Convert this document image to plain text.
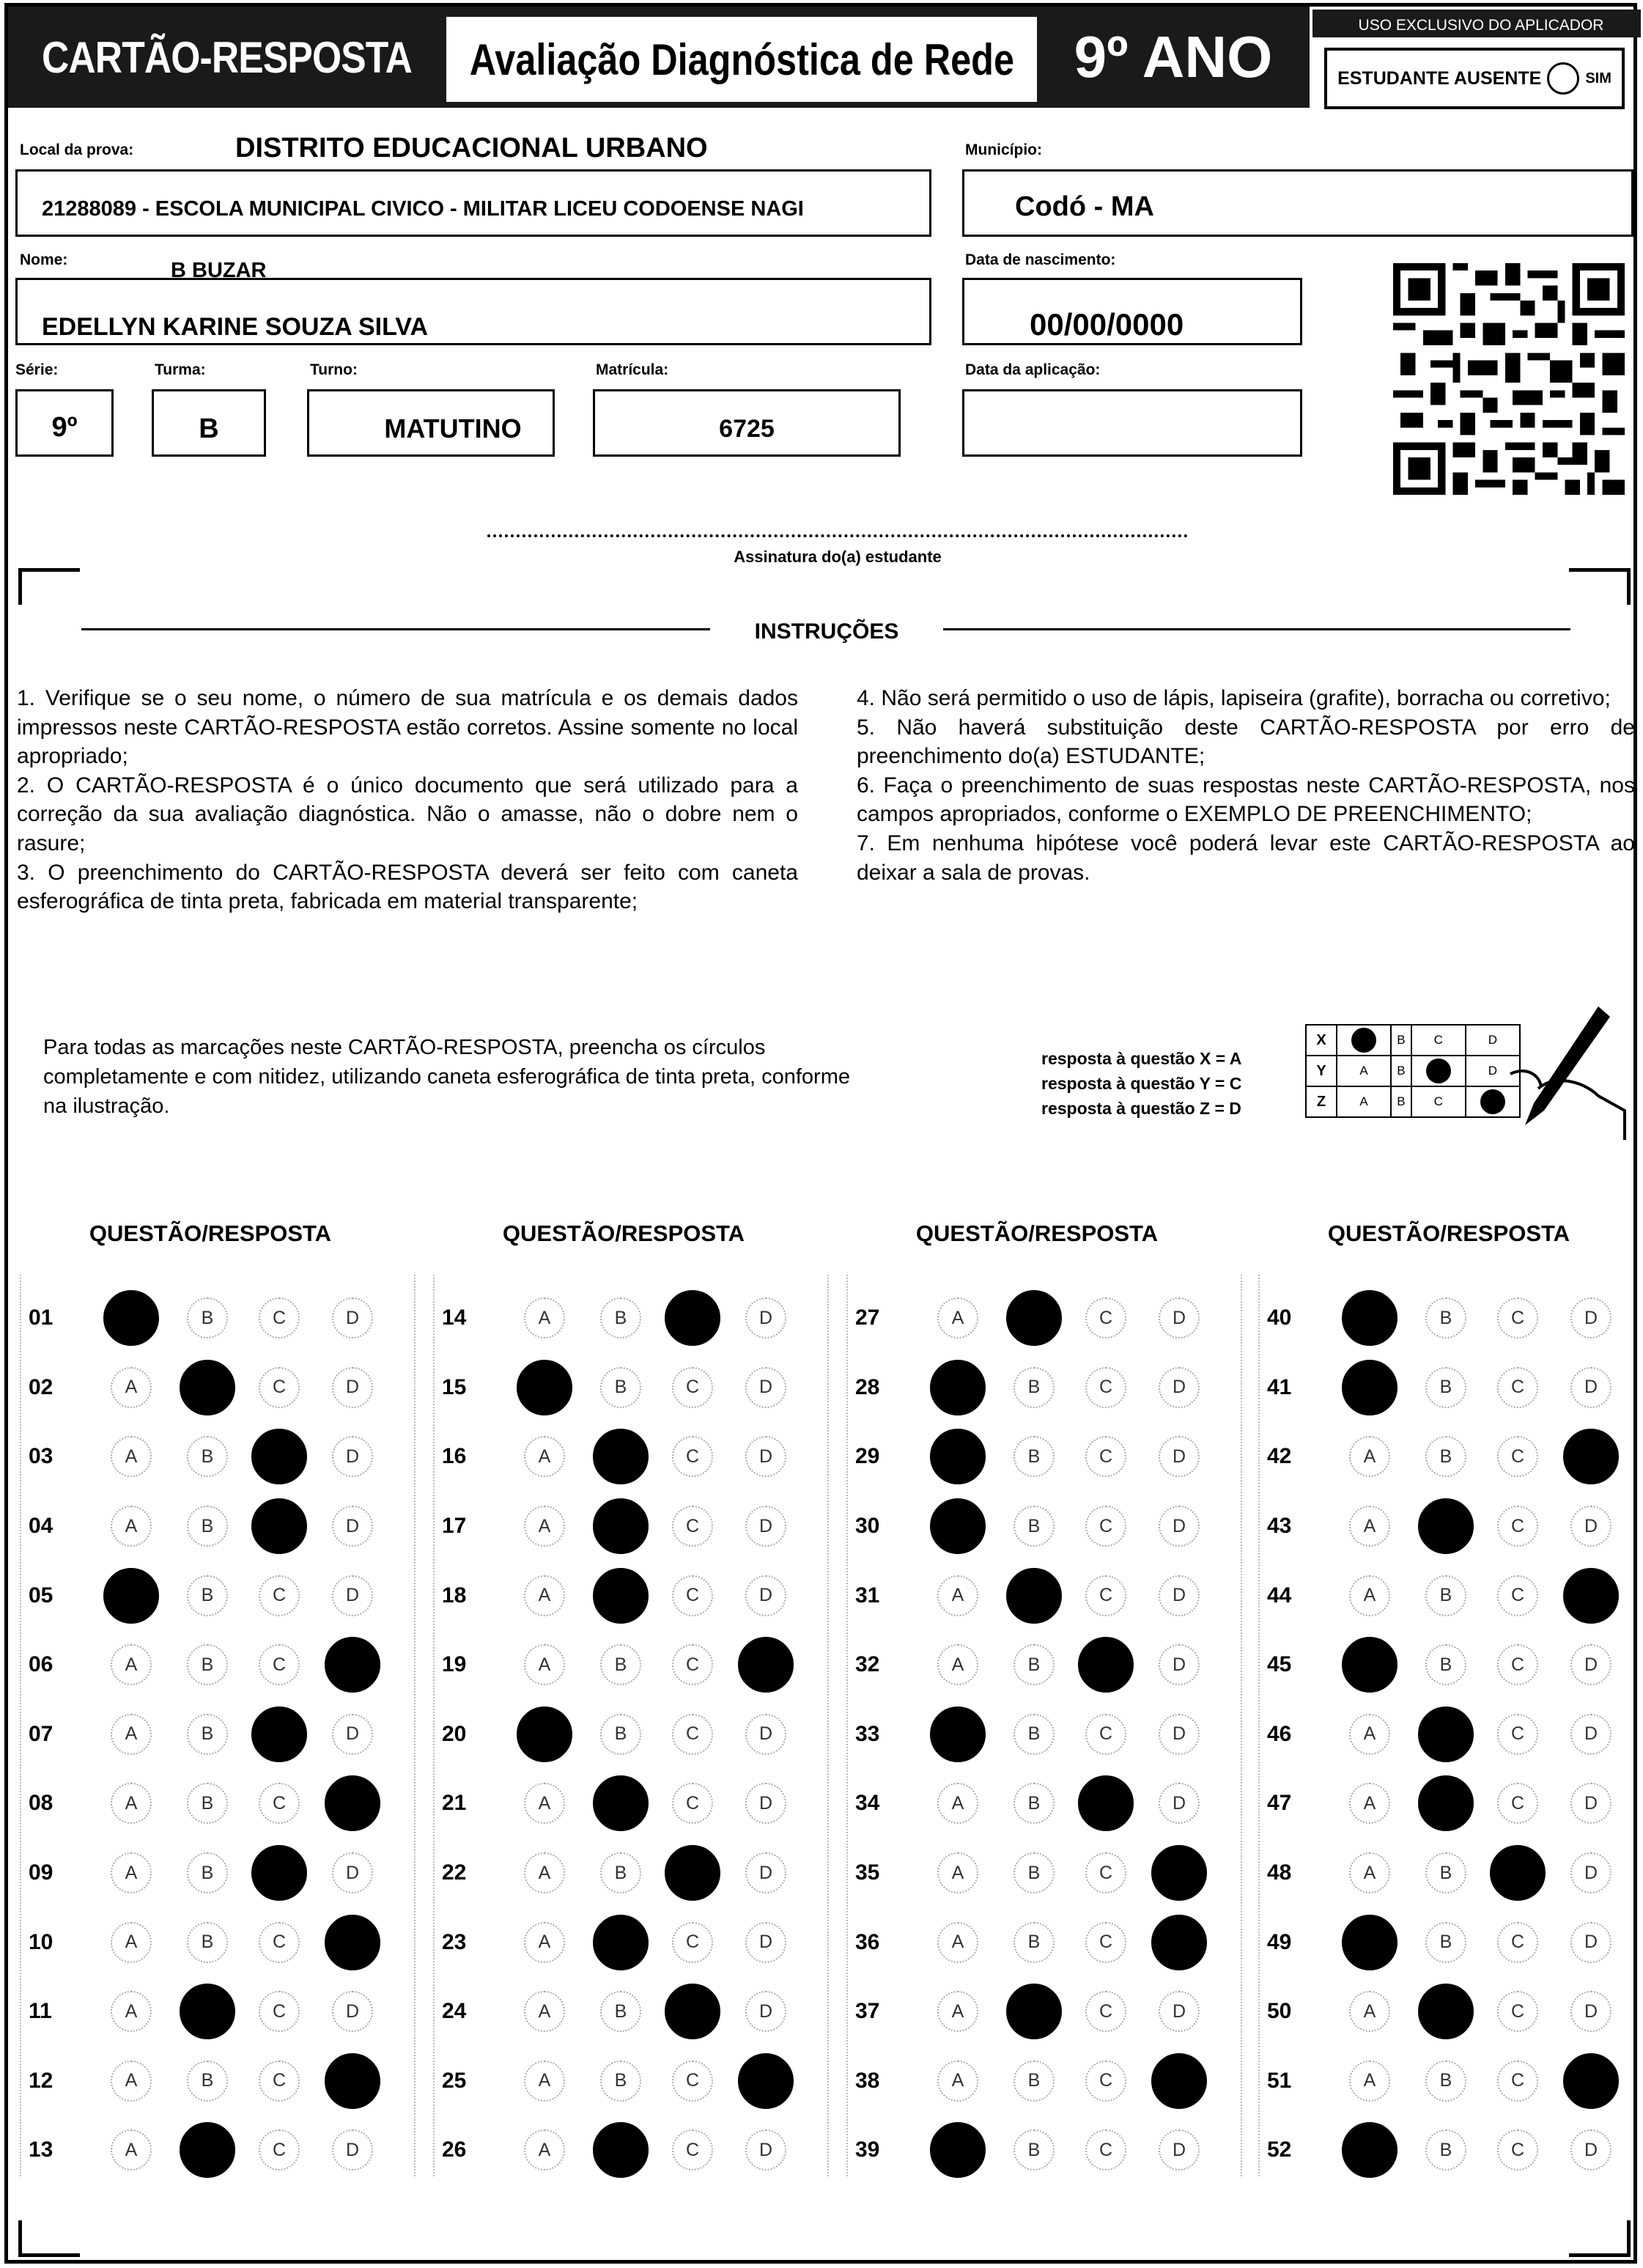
CARTÃO-RESPOSTA Avaliação Diagnóstica de Rede	9º ANO	USO EXCLUSIVO DO APLICADOR
ESTUDANTE AUSENTE	SIM
Local da prova:	DISTRITO EDUCACIONAL URBANO
21288089 - ESCOLA MUNICIPAL CIVICO - MILITAR LICEU CODOENSE NAGI
Município:
Codó - MA
Nome:	B BUZAR
EDELLYN KARINE SOUZA SILVA
Data de nascimento:
00/00/0000
Série:
9º
Turma:
B
Turno:
MATUTINO
Matrícula:
6725
Data da aplicação:
Assinatura do(a) estudante
INSTRUÇÕES

1. Verifique se o seu nome, o número de sua matrícula e os demais dados impressos neste CARTÃO-RESPOSTA estão corretos. Assine somente no local apropriado;

2. O CARTÃO-RESPOSTA é o único documento que será utilizado para a correção da sua avaliação diagnóstica. Não o amasse, não o dobre nem o rasure;

3. O preenchimento do CARTÃO-RESPOSTA deverá ser feito com caneta esferográfica de tinta preta, fabricada em material transparente;

4. Não será permitido o uso de lápis, lapiseira (grafite), borracha ou corretivo;

5. Não haverá substituição deste CARTÃO-RESPOSTA por erro de preenchimento do(a) ESTUDANTE;

6. Faça o preenchimento de suas respostas neste CARTÃO-RESPOSTA, nos campos apropriados, conforme o EXEMPLO DE PREENCHIMENTO;

7. Em nenhuma hipótese você poderá levar este CARTÃO-RESPOSTA ao deixar a sala de provas.

Para todas as marcações neste CARTÃO-RESPOSTA, preencha os círculos completamente e com nitidez, utilizando caneta esferográfica de tinta preta, conforme na ilustração.
resposta à questão X = A
resposta à questão Y = C
resposta à questão Z = D
X		B	C	D
Y	A	B		D
Z	A	B	C	
QUESTÃO/RESPOSTA
01	B	C	D
02	A	C	D
03	A	B	D
04	A	B	D
05	B	C	D
06	A	B	C
07	A	B	D
08	A	B	C
09	A	B	D
10	A	B	C
11	A	C	D
12	A	B	C
13	A	C	D
QUESTÃO/RESPOSTA
14	A	B	D
15	B	C	D
16	A	C	D
17	A	C	D
18	A	C	D
19	A	B	C
20	B	C	D
21	A	C	D
22	A	B	D
23	A	C	D
24	A	B	D
25	A	B	C
26	A	C	D
QUESTÃO/RESPOSTA
27	A	C	D
28	B	C	D
29	B	C	D
30	B	C	D
31	A	C	D
32	A	B	D
33	B	C	D
34	A	B	D
35	A	B	C
36	A	B	C
37	A	C	D
38	A	B	C
39	B	C	D
QUESTÃO/RESPOSTA
40	B	C	D
41	B	C	D
42	A	B	C
43	A	C	D
44	A	B	C
45	B	C	D
46	A	C	D
47	A	C	D
48	A	B	D
49	B	C	D
50	A	C	D
51	A	B	C
52	B	C	D
